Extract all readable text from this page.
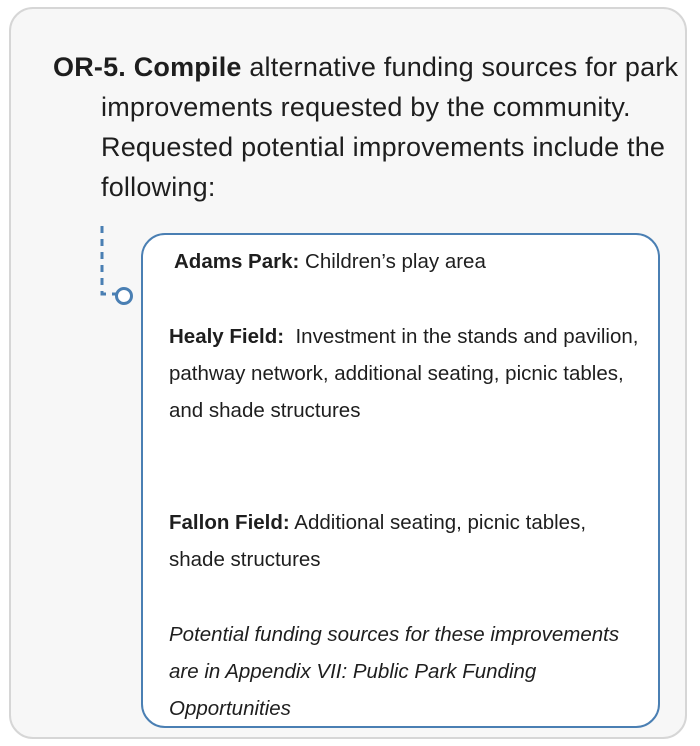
OR-5. Compile alternative funding sources for park improvements requested by the community. Requested potential improvements include the following:

Adams Park: Children’s play area

Healy Field: Investment in the stands and pavilion, pathway network, additional seating, picnic tables, and shade structures

Fallon Field: Additional seating, picnic tables, shade structures

Potential funding sources for these improvements are in Appendix VII: Public Park Funding Opportunities
